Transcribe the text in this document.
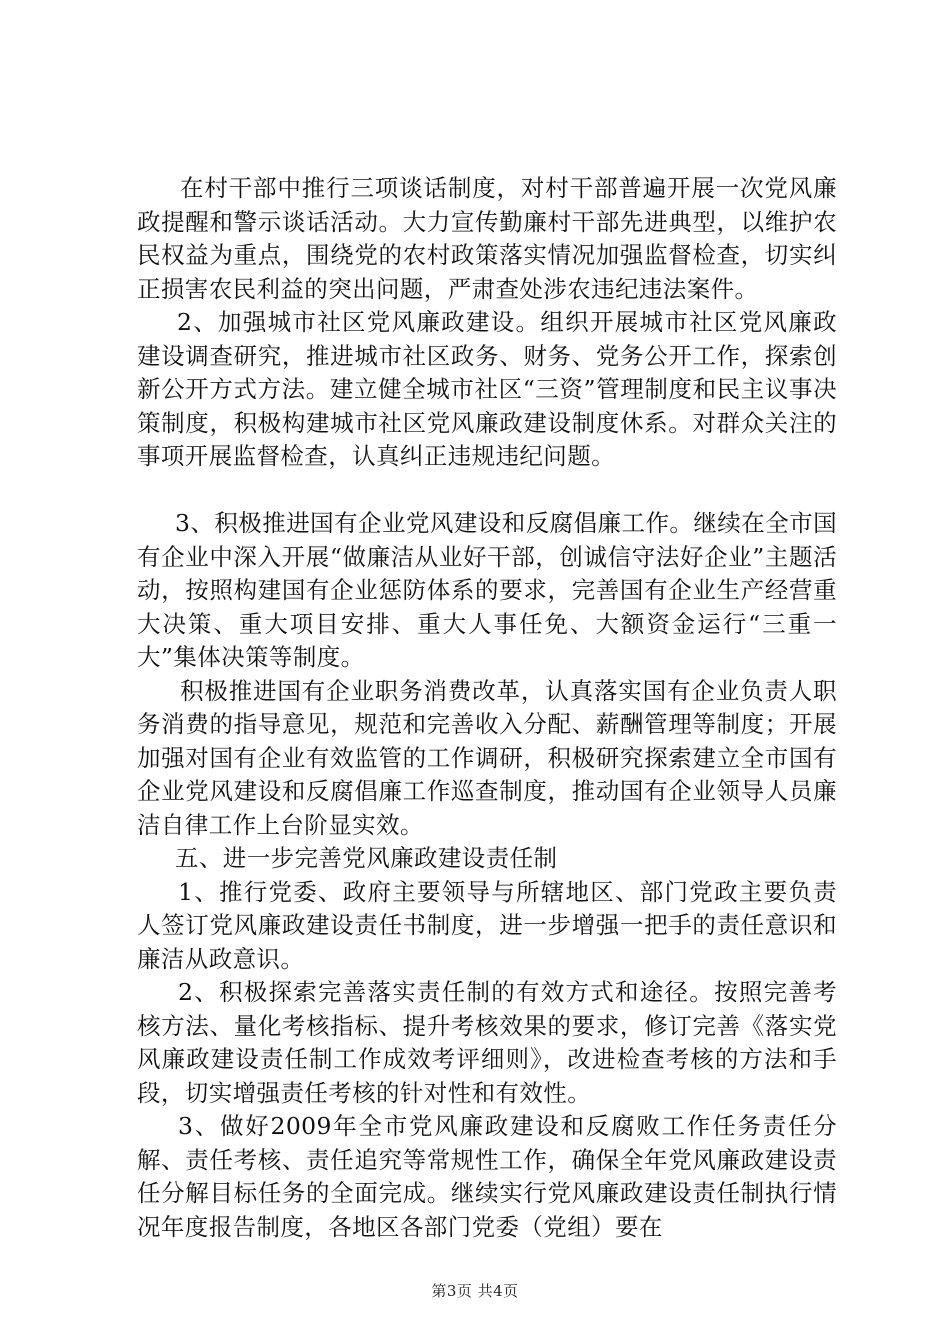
在村干部中推行三项谈话制度，对村干部普遍开展一次党风廉政提醒和警示谈话活动。大力宣传勤廉村干部先进典型，以维护农民权益为重点，围绕党的农村政策落实情况加强监督检查，切实纠正损害农民利益的突出问题，严肃查处涉农违纪违法案件。

2、加强城市社区党风廉政建设。组织开展城市社区党风廉政建设调查研究，推进城市社区政务、财务、党务公开工作，探索创新公开方式方法。建立健全城市社区“三资”管理制度和民主议事决策制度，积极构建城市社区党风廉政建设制度休系。对群众关注的事项开展监督检查，认真纠正违规违纪问题。

3、积极推进国有企业党风建设和反腐倡廉工作。继续在全市国有企业中深入开展“做廉洁从业好干部，创诚信守法好企业”主题活动，按照构建国有企业惩防体系的要求，完善国有企业生产经营重大决策、重大项目安排、重大人事任免、大额资金运行“三重一大”集体决策等制度。

积极推进国有企业职务消费改革，认真落实国有企业负责人职务消费的指导意见，规范和完善收入分配、薪酬管理等制度；开展加强对国有企业有效监管的工作调研，积极研究探索建立全市国有企业党风建设和反腐倡廉工作巡查制度，推动国有企业领导人员廉洁自律工作上台阶显实效。

五、进一步完善党风廉政建设责任制

1、推行党委、政府主要领导与所辖地区、部门党政主要负责人签订党风廉政建设责任书制度，进一步增强一把手的责任意识和廉洁从政意识。

2、积极探索完善落实责任制的有效方式和途径。按照完善考核方法、量化考核指标、提升考核效果的要求，修订完善《落实党风廉政建设责任制工作成效考评细则》，改进检查考核的方法和手段，切实增强责任考核的针对性和有效性。

3、做好2009年全市党风廉政建设和反腐败工作任务责任分解、责任考核、责任追究等常规性工作，确保全年党风廉政建设责任分解目标任务的全面完成。继续实行党风廉政建设责任制执行情况年度报告制度，各地区各部门党委（党组）要在

第3页 共4页
